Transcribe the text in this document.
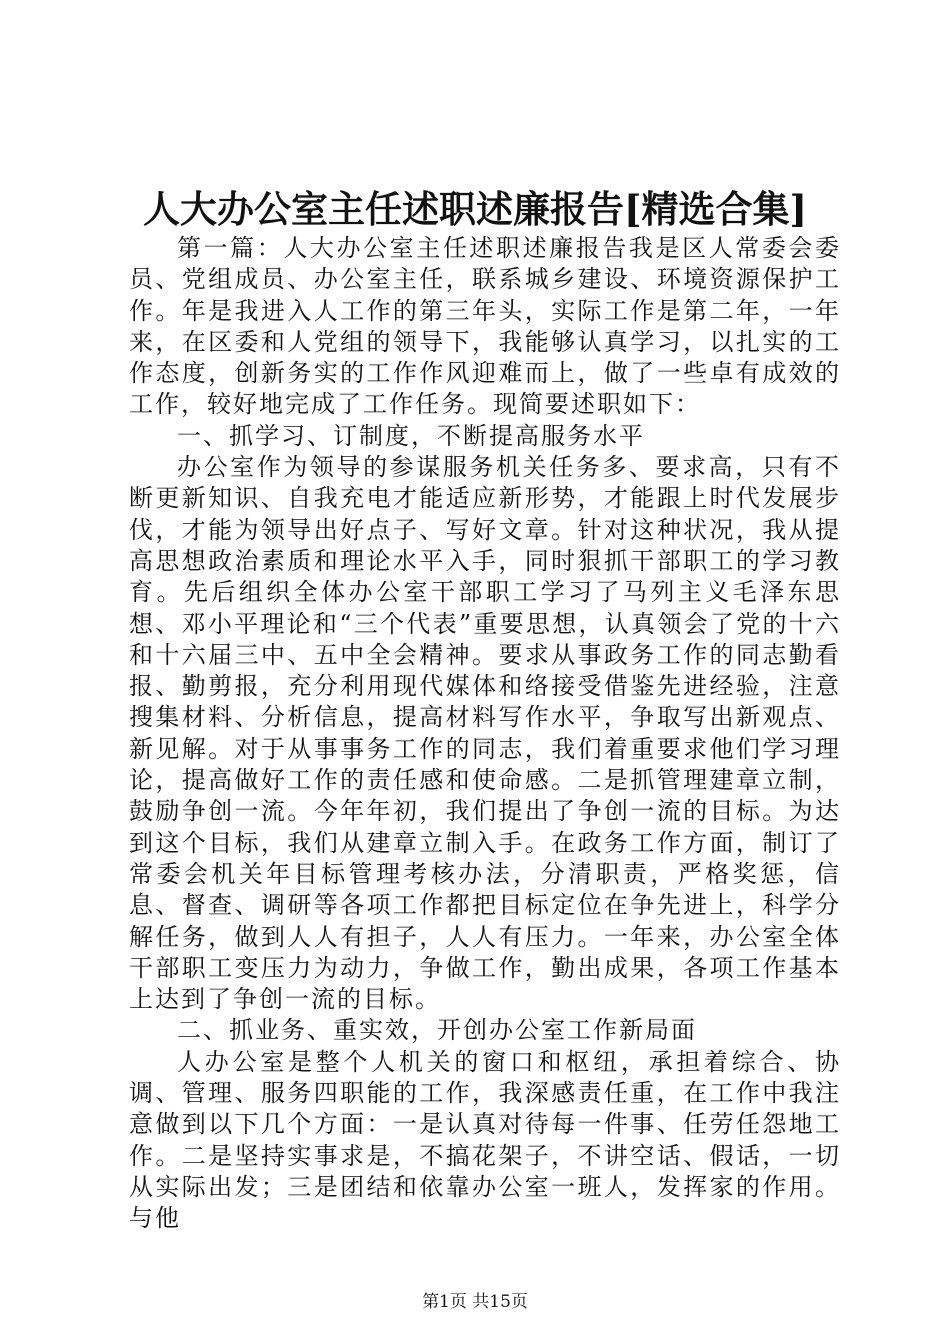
人大办公室主任述职述廉报告[精选合集]

第一篇：人大办公室主任述职述廉报告我是区人常委会委员、党组成员、办公室主任，联系城乡建设、环境资源保护工作。年是我进入人工作的第三年头，实际工作是第二年，一年来，在区委和人党组的领导下，我能够认真学习，以扎实的工作态度，创新务实的工作作风迎难而上，做了一些卓有成效的工作，较好地完成了工作任务。现简要述职如下：

一、抓学习、订制度，不断提高服务水平

办公室作为领导的参谋服务机关任务多、要求高，只有不断更新知识、自我充电才能适应新形势，才能跟上时代发展步伐，才能为领导出好点子、写好文章。针对这种状况，我从提高思想政治素质和理论水平入手，同时狠抓干部职工的学习教育。先后组织全体办公室干部职工学习了马列主义毛泽东思想、邓小平理论和“三个代表”重要思想，认真领会了党的十六和十六届三中、五中全会精神。要求从事政务工作的同志勤看报、勤剪报，充分利用现代媒体和络接受借鉴先进经验，注意搜集材料、分析信息，提高材料写作水平，争取写出新观点、新见解。对于从事事务工作的同志，我们着重要求他们学习理论，提高做好工作的责任感和使命感。二是抓管理建章立制，鼓励争创一流。今年年初，我们提出了争创一流的目标。为达到这个目标，我们从建章立制入手。在政务工作方面，制订了常委会机关年目标管理考核办法，分清职责，严格奖惩，信息、督查、调研等各项工作都把目标定位在争先进上，科学分解任务，做到人人有担子，人人有压力。一年来，办公室全体干部职工变压力为动力，争做工作，勤出成果，各项工作基本上达到了争创一流的目标。

二、抓业务、重实效，开创办公室工作新局面

人办公室是整个人机关的窗口和枢纽，承担着综合、协调、管理、服务四职能的工作，我深感责任重，在工作中我注意做到以下几个方面：一是认真对待每一件事、任劳任怨地工作。二是坚持实事求是，不搞花架子，不讲空话、假话，一切从实际出发；三是团结和依靠办公室一班人，发挥家的作用。与他

第1页 共15页
